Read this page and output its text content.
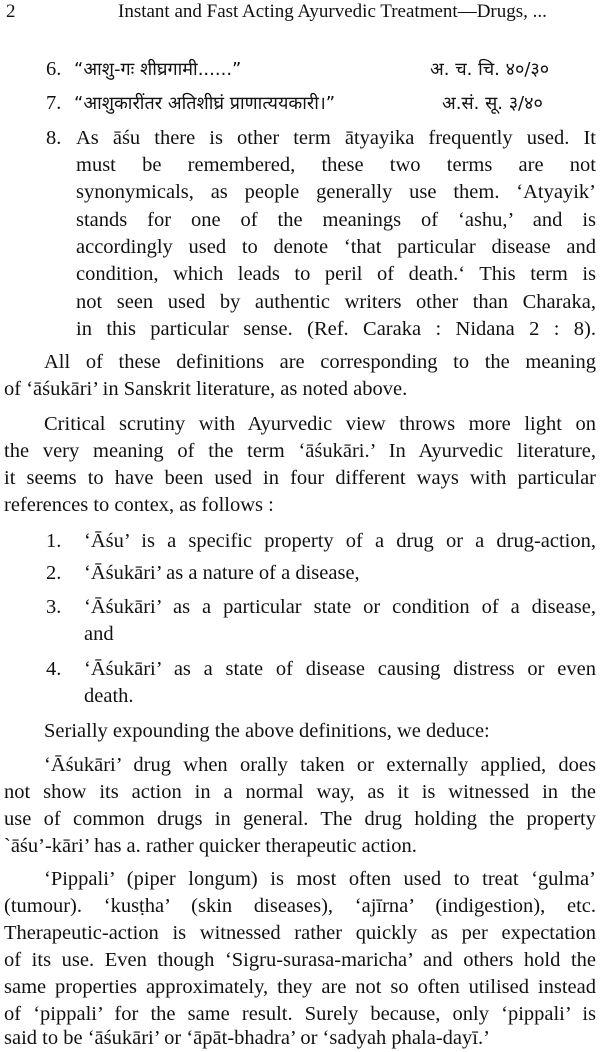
2	Instant and Fast Acting Ayurvedic Treatment—Drugs, ...
6. “आशु-गः शीघ्रगामी......”	अ. च. चि. ४०/३०
7. “आशुकारींतर अतिशीघ्रं प्राणात्ययकारी।”	अ.सं. सू. ३/४०
8. As āśu there is other term ātyayika frequently used. It
must be remembered, these two terms are not
synonymicals, as people generally use them. ‘Atyayik’
stands for one of the meanings of ‘ashu,’ and is
accordingly used to denote ‘that particular disease and
condition, which leads to peril of death.‘ This term is
not seen used by authentic writers other than Charaka,
in this particular sense. (Ref. Caraka : Nidana 2 : 8).
All of these definitions are corresponding to the meaning
of ‘āśukāri’ in Sanskrit literature, as noted above.
Critical scrutiny with Ayurvedic view throws more light on
the very meaning of the term ‘āśukāri.’ In Ayurvedic literature,
it seems to have been used in four different ways with particular
references to contex, as follows :
1. ‘Āśu’ is a specific property of a drug or a drug-action,
2. ‘Āśukāri’ as a nature of a disease,
3. ‘Āśukāri’ as a particular state or condition of a disease,
and
4. ‘Āśukāri’ as a state of disease causing distress or even
death.
Serially expounding the above definitions, we deduce:
‘Āśukāri’ drug when orally taken or externally applied, does
not show its action in a normal way, as it is witnessed in the
use of common drugs in general. The drug holding the property
`āśu’-kāri’ has a. rather quicker therapeutic action.
‘Pippali’ (piper longum) is most often used to treat ‘gulma’
(tumour). ‘kusṭha’ (skin diseases), ‘ajīrna’ (indigestion), etc.
Therapeutic-action is witnessed rather quickly as per expectation
of its use. Even though ‘Sigru-surasa-maricha’ and others hold the
same properties approximately, they are not so often utilised instead
of ‘pippali’ for the same result. Surely because, only ‘pippali’ is
said to be ‘āśukāri’ or ‘āpāt-bhadra’ or ‘sadyah phala-dayī.’
